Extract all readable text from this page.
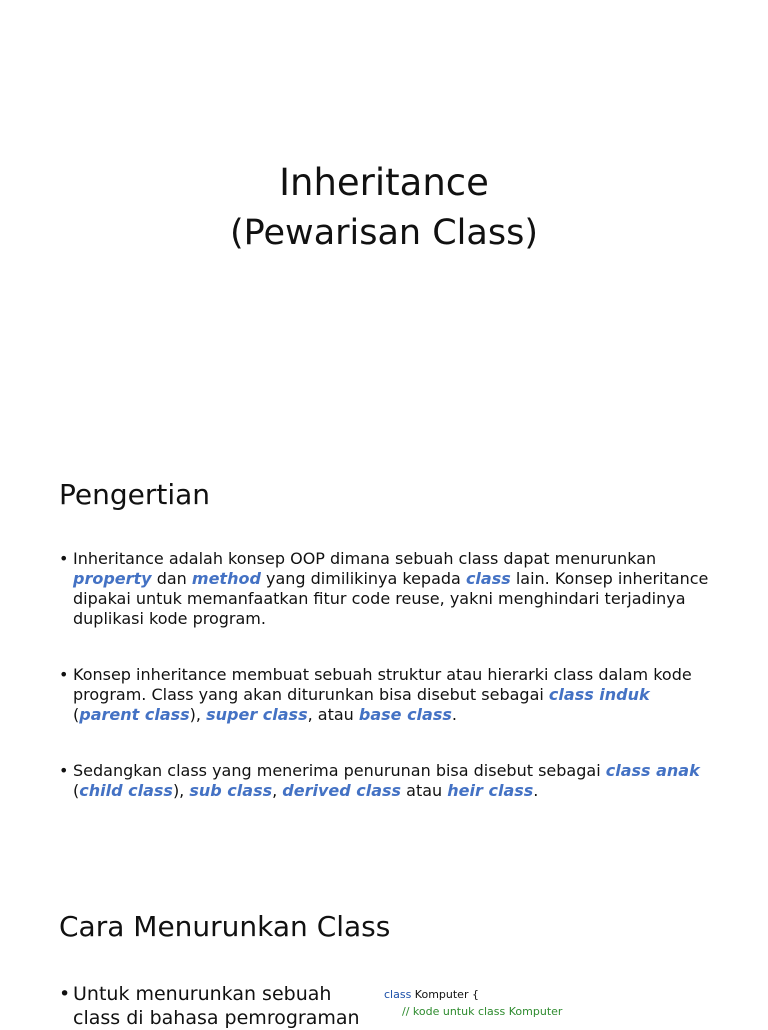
Inheritance
(Pewarisan Class)
Pengertian
• Inheritance adalah konsep OOP dimana sebuah class dapat menurunkan property dan method yang dimilikinya kepada class lain. Konsep inheritance dipakai untuk memanfaatkan fitur code reuse, yakni menghindari terjadinya duplikasi kode program.
• Konsep inheritance membuat sebuah struktur atau hierarki class dalam kode program. Class yang akan diturunkan bisa disebut sebagai class induk (parent class), super class, atau base class.
• Sedangkan class yang menerima penurunan bisa disebut sebagai class anak (child class), sub class, derived class atau heir class.
Cara Menurunkan Class
• Untuk menurunkan sebuah class di bahasa pemrograman
class Komputer {
// kode untuk class Komputer
